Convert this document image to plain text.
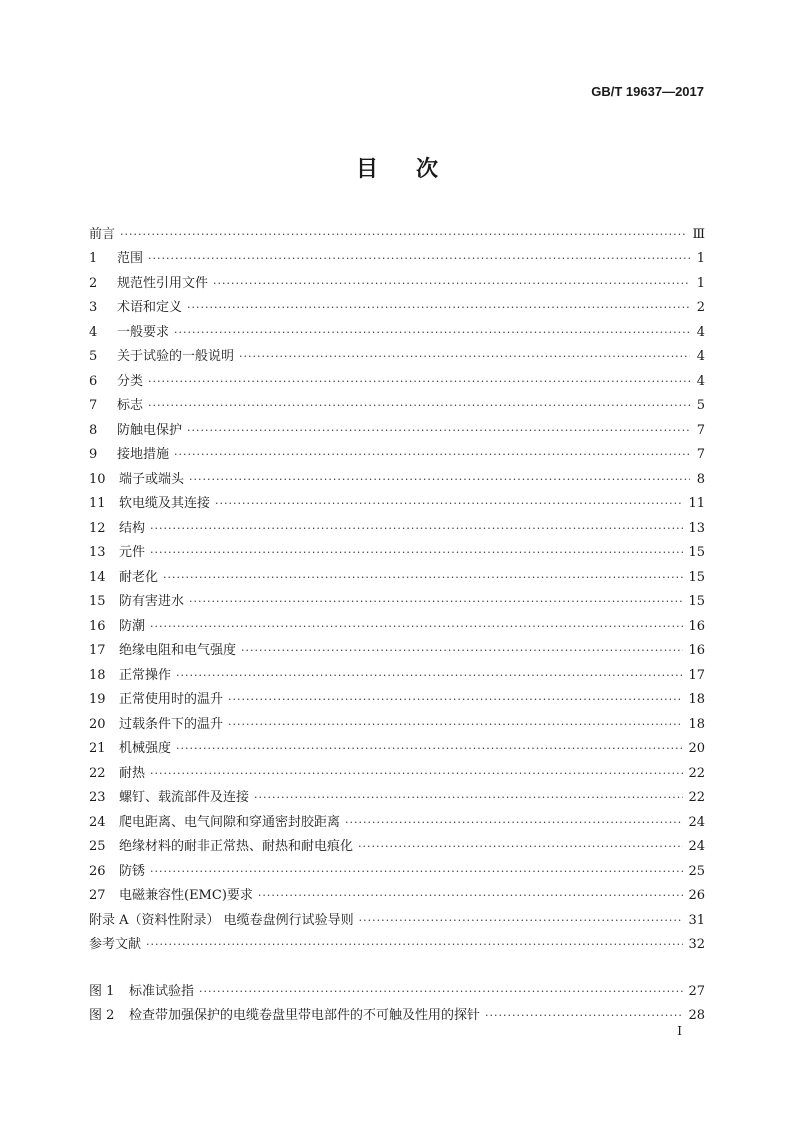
GB/T 19637—2017
目次
前言 ·····	Ⅲ
1	范围 ·····	1
2	规范性引用文件 ·····	1
3	术语和定义 ·····	2
4	一般要求 ·····	4
5	关于试验的一般说明 ·····	4
6	分类 ·····	4
7	标志 ·····	5
8	防触电保护 ·····	7
9	接地措施 ·····	7
10	端子或端头 ·····	8
11	软电缆及其连接 ·····	11
12	结构 ·····	13
13	元件 ·····	15
14	耐老化 ·····	15
15	防有害进水 ·····	15
16	防潮 ·····	16
17	绝缘电阻和电气强度 ·····	16
18	正常操作 ·····	17
19	正常使用时的温升 ·····	18
20	过载条件下的温升 ·····	18
21	机械强度 ·····	20
22	耐热 ·····	22
23	螺钉、载流部件及连接 ·····	22
24	爬电距离、电气间隙和穿通密封胶距离 ·····	24
25	绝缘材料的耐非正常热、耐热和耐电痕化 ·····	24
26	防锈 ·····	25
27	电磁兼容性(EMC)要求 ·····	26
附录 A（资料性附录） 电缆卷盘例行试验导则 ·····	31
参考文献 ·····	32
图 1	标准试验指 ·····	27
图 2	检查带加强保护的电缆卷盘里带电部件的不可触及性用的探针 ·····	28
I
